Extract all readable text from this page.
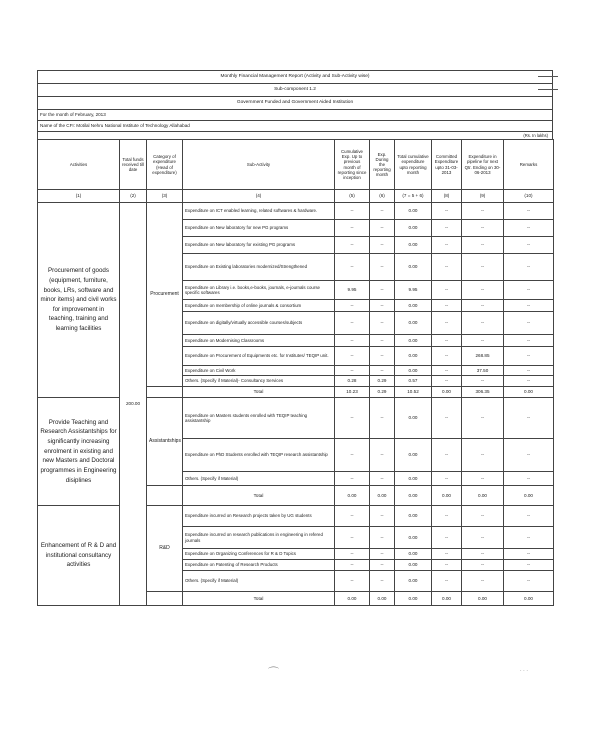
Monthly Financial Management Report (Activity and Sub-Activity wise)
Sub-component 1.2
Government Funded and Government Aided Institution
For the month of February, 2013
Name of the CFI: Motilal Nehru National Institute of Technology Allahabad
(Rs. In lakhs)
Activities	Total funds received till date	Category of expenditure (Head of expenditure)	Sub-Activity	Cumulative Exp. Up to previous month of reporting since inception	Exp. During the reporting month	Total cumulative expenditure upto reporting month	Committed Expenditure upto 31-03-2013	Expenditure in pipeline for next Qtr. Ending on 30-06-2013	Remarks
(1)	(2)	(3)	(4)	(5)	(6)	(7 = 5 + 6)	(8)	(9)	(10)
Procurement of goods (equipment, furniture, books, LRs, software and minor items) and civil works for improvement in teaching, training and learning facilities	200.00	Procurement	Expenditure on ICT enabled learning, related softwares & hardware.	--	--	0.00	--	--	--
			Expenditure on New laboratory for new PG programs	--	--	0.00	--	--	--
			Expenditure on New laboratory for existing PG programs	--	--	0.00	--	--	--
			Expenditure on Existing laboratories modernized/Strengthened	--	--	0.00	--	--	--
			Expenditure on Library i.e. books,e-books, journals, e-journals course specific softwares	9.95	--	9.95	--	--	--
			Expenditure on membership of online journals & consortium	--	--	0.00	--	--	--
			Expenditure on digitally/virtually accessible courses/subjects	--	--	0.00	--	--	--
			Expenditure on Modernising Classrooms	--	--	0.00	--	--	--
			Expenditure on Procurement of Equipments etc. for Institutes/ TEQIP unit.	--	--	0.00	--	268.85	--
			Expenditure on Civil Work	--	--	0.00	--	37.50	--
			Others. (Specify if Material)- Consultancy Services	0.28	0.29	0.57	--	--	--
			Total	10.23	0.29	10.52	0.00	306.35	0.00
Provide Teaching and Research Assistantships for significantly increasing enrolment in existing and new Masters and Doctoral programmes in Engineering disiplines		Assistantships	Expenditure on Masters students enrolled with TEQIP teaching assistantship	--	--	0.00	--	--	--
			Expenditure on PhD Students enrolled with TEQIP research assistantship	--	--	0.00	--	--	--
			Others. (Specify if Material)	--	--	0.00	--	--	--
			Total	0.00	0.00	0.00	0.00	0.00	0.00
Enhancement of R & D and institutional consultancy activities		R&D	Expenditure incurred on Research projects taken by UG students	--	--	0.00	--	--	--
			Expenditure incurred on research publications in engineering in refered journals	--	--	0.00	--	--	--
			Expenditure on Organizing Conferences for R & D Topics	--	--	0.00	--	--	--
			Expenditure on Patenting of Research Products	--	--	0.00	--	--	--
			Others. (Specify if Material)	--	--	0.00	--	--	--
			Total	0.00	0.00	0.00	0.00	0.00	0.00
⌒	· · ·
